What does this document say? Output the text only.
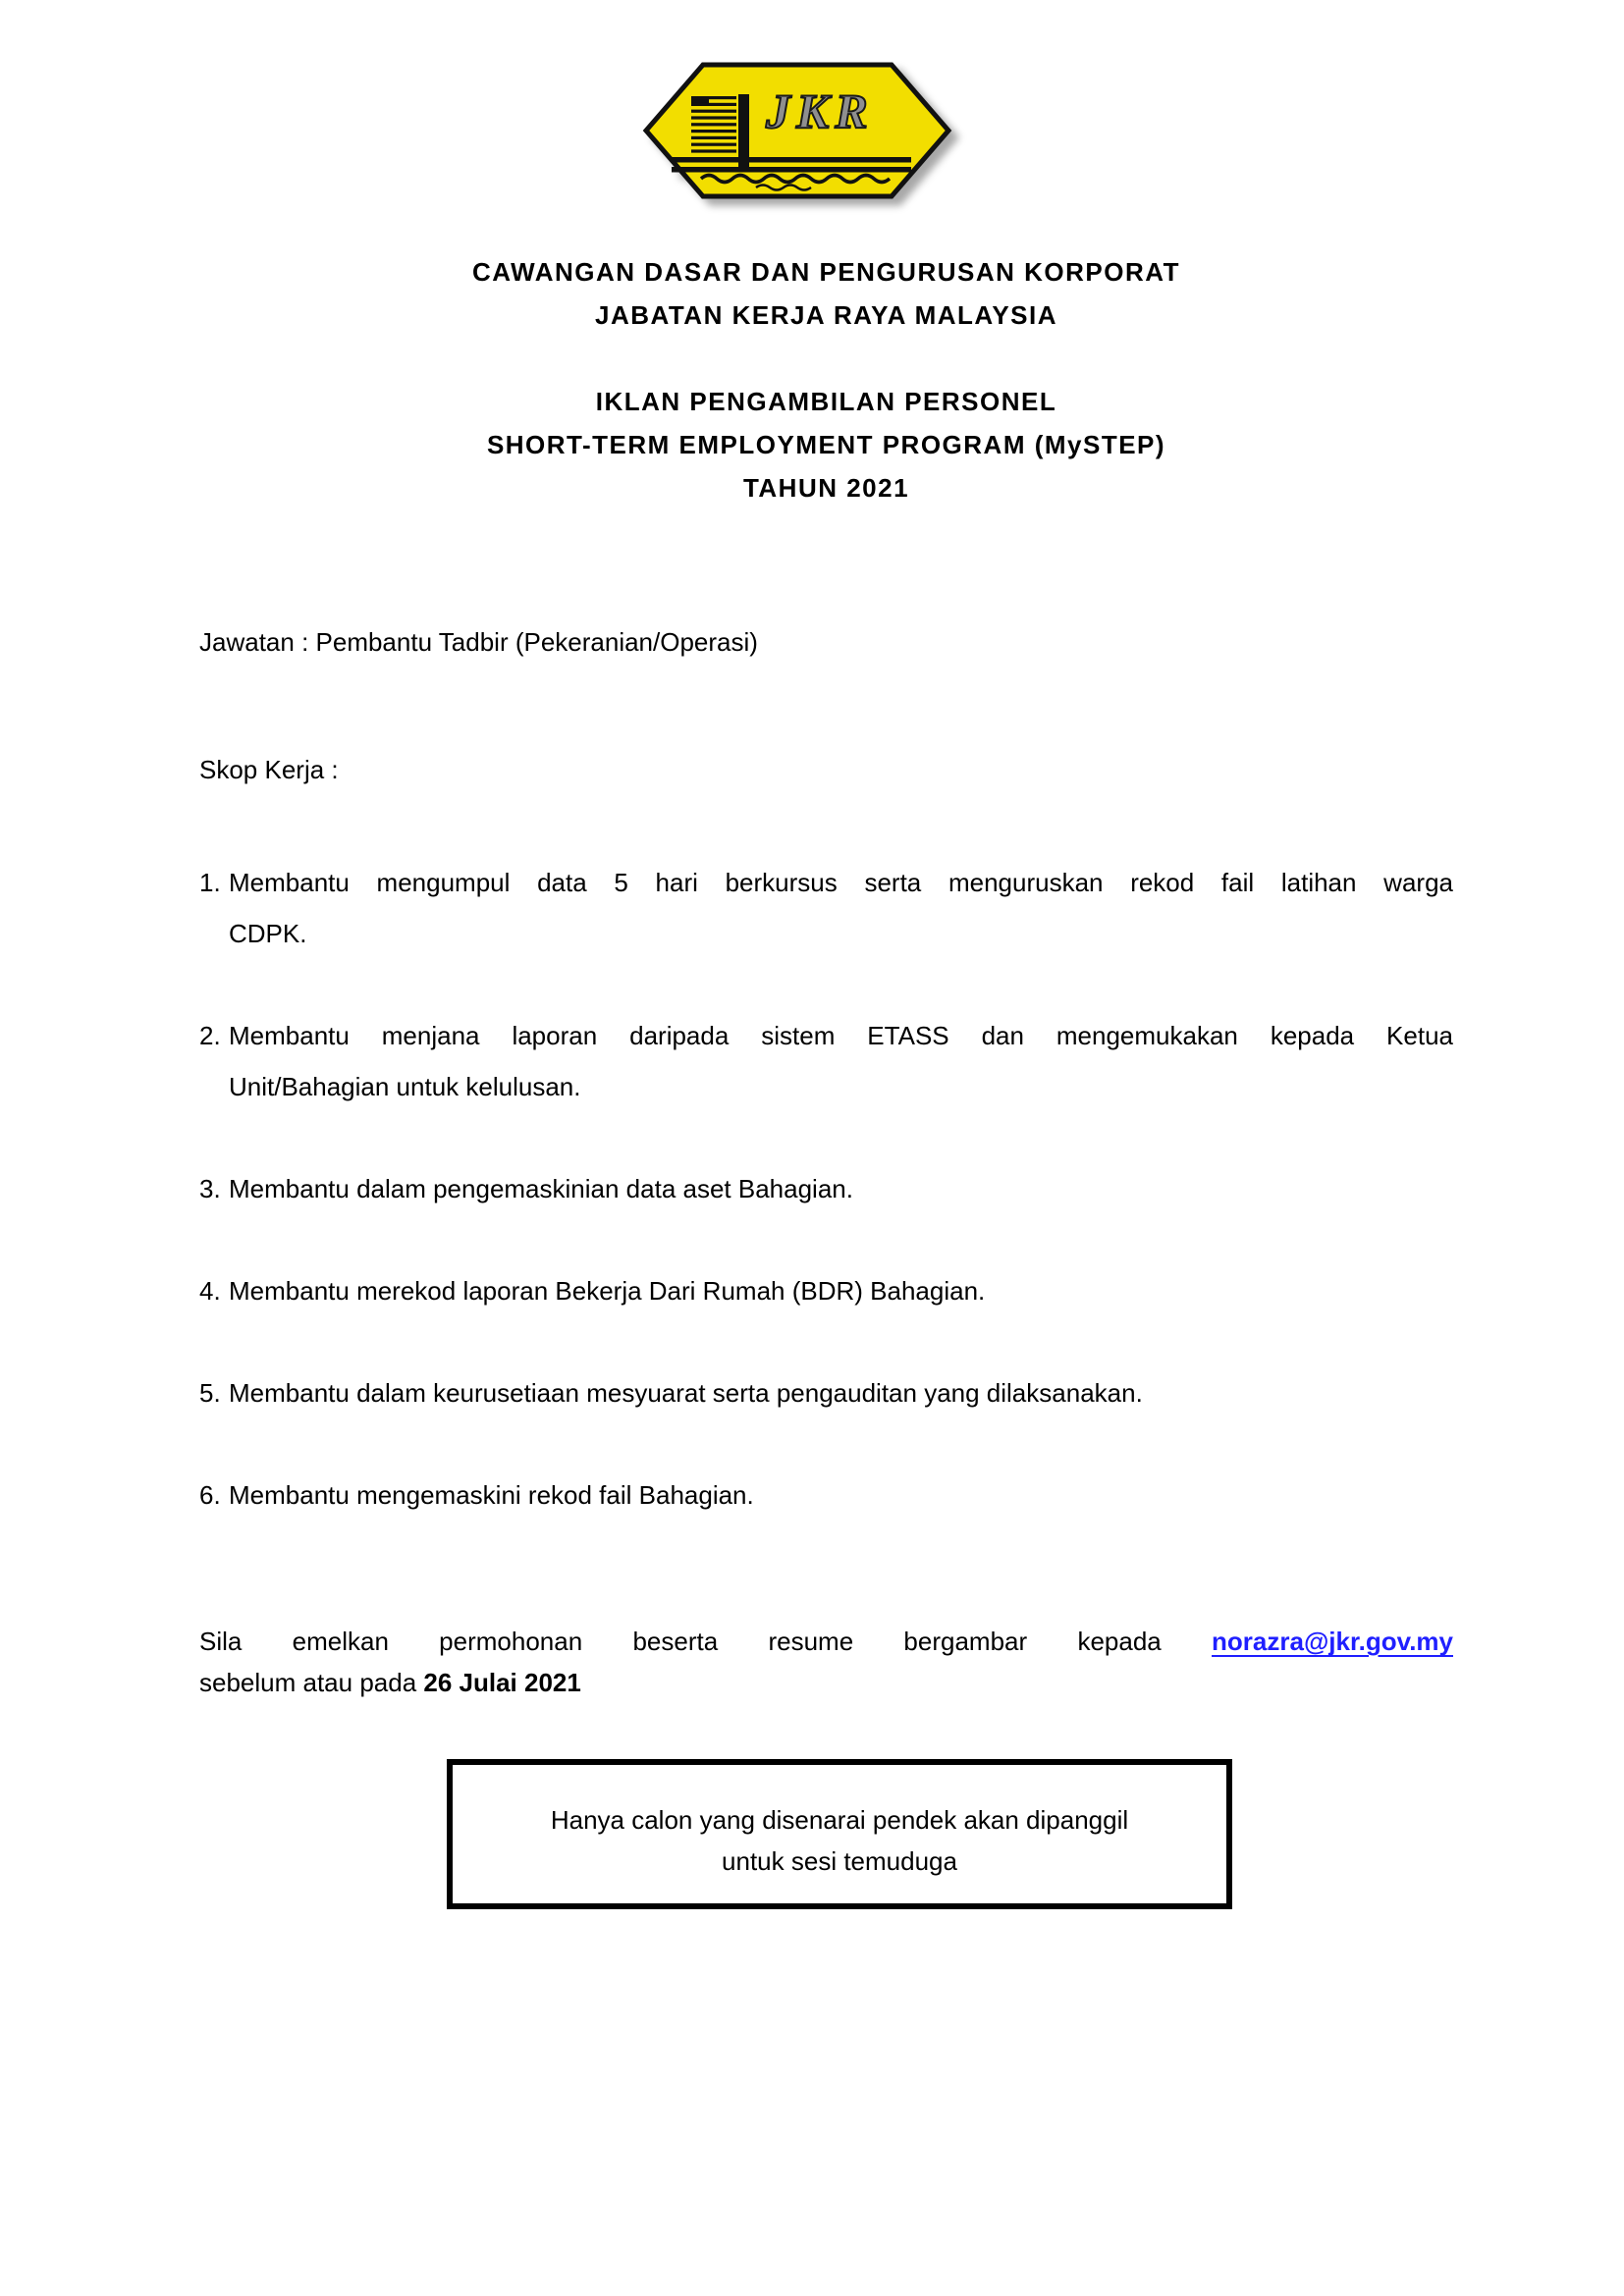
JKR
CAWANGAN DASAR DAN PENGURUSAN KORPORAT
JABATAN KERJA RAYA MALAYSIA
IKLAN PENGAMBILAN PERSONEL
SHORT-TERM EMPLOYMENT PROGRAM (MySTEP)
TAHUN 2021
Jawatan : Pembantu Tadbir (Pekeranian/Operasi)
Skop Kerja :
1. Membantu mengumpul data 5 hari berkursus serta menguruskan rekod fail latihan warga
CDPK.
2. Membantu menjana laporan daripada sistem ETASS dan mengemukakan kepada Ketua
Unit/Bahagian untuk kelulusan.
3. Membantu dalam pengemaskinian data aset Bahagian.
4. Membantu merekod laporan Bekerja Dari Rumah (BDR) Bahagian.
5. Membantu dalam keurusetiaan mesyuarat serta pengauditan yang dilaksanakan.
6. Membantu mengemaskini rekod fail Bahagian.
Sila emelkan permohonan beserta resume bergambar kepada norazra@jkr.gov.my
sebelum atau pada 26 Julai 2021
Hanya calon yang disenarai pendek akan dipanggil
untuk sesi temuduga
